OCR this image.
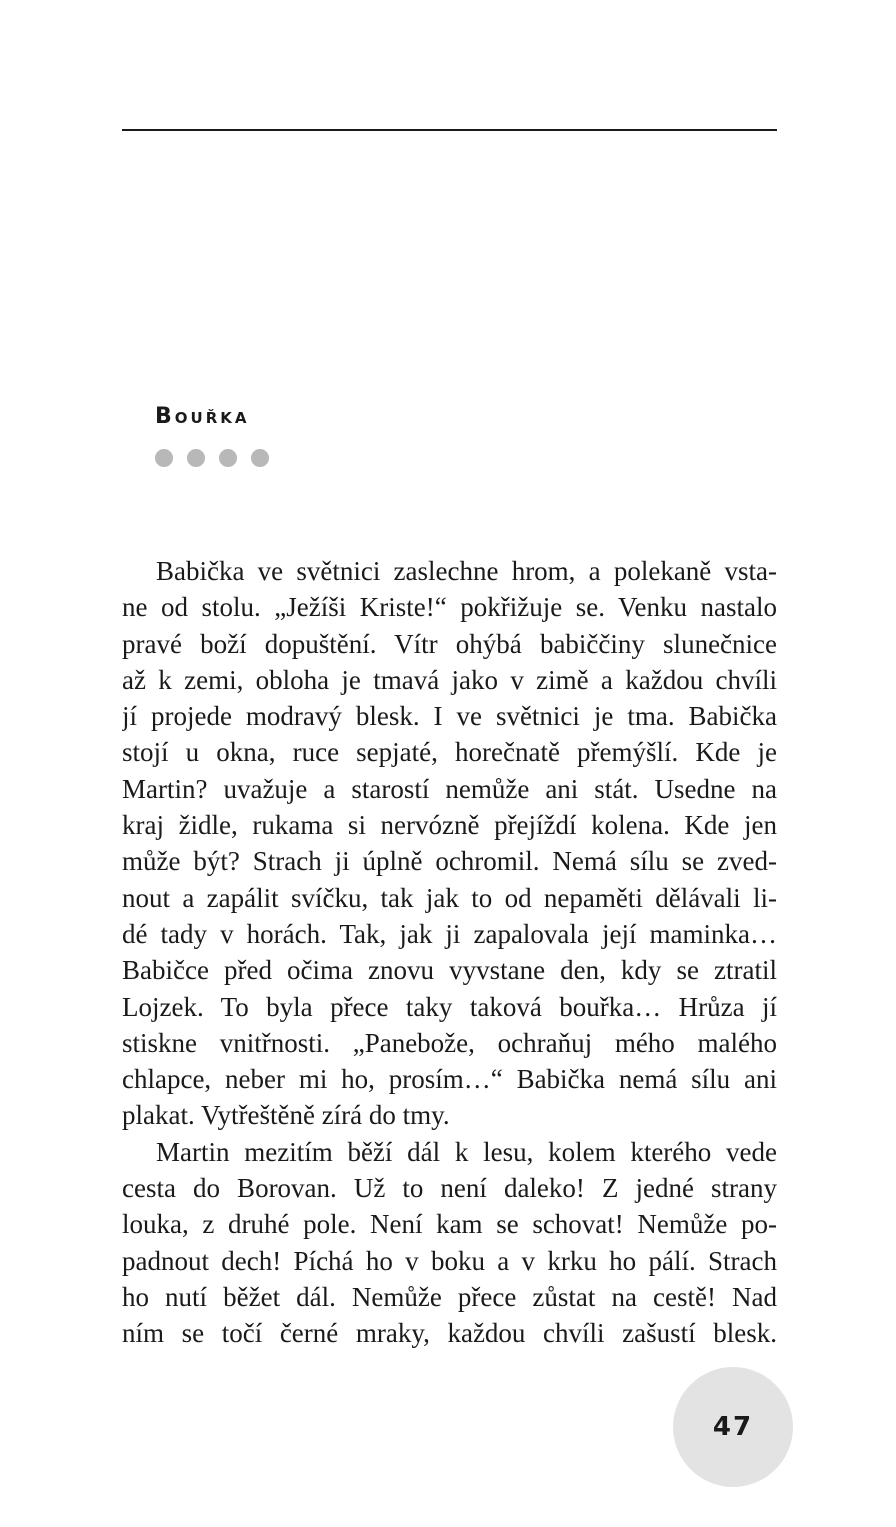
Bouřka
Babička ve světnici zaslechne hrom, a polekaně vsta-
ne od stolu. „Ježíši Kriste!“ pokřižuje se. Venku nastalo
pravé boží dopuštění. Vítr ohýbá babiččiny slunečnice
až k zemi, obloha je tmavá jako v zimě a každou chvíli
jí projede modravý blesk. I ve světnici je tma. Babička
stojí u okna, ruce sepjaté, horečnatě přemýšlí. Kde je
Martin? uvažuje a starostí nemůže ani stát. Usedne na
kraj židle, rukama si nervózně přejíždí kolena. Kde jen
může být? Strach ji úplně ochromil. Nemá sílu se zved-
nout a zapálit svíčku, tak jak to od nepaměti dělávali li-
dé tady v horách. Tak, jak ji zapalovala její maminka…
Babičce před očima znovu vyvstane den, kdy se ztratil
Lojzek. To byla přece taky taková bouřka… Hrůza jí
stiskne vnitřnosti. „Panebože, ochraňuj mého malého
chlapce, neber mi ho, prosím…“ Babička nemá sílu ani
plakat. Vytřeštěně zírá do tmy.
Martin mezitím běží dál k lesu, kolem kterého vede
cesta do Borovan. Už to není daleko! Z jedné strany
louka, z druhé pole. Není kam se schovat! Nemůže po-
padnout dech! Píchá ho v boku a v krku ho pálí. Strach
ho nutí běžet dál. Nemůže přece zůstat na cestě! Nad
ním se točí černé mraky, každou chvíli zašustí blesk.
47
